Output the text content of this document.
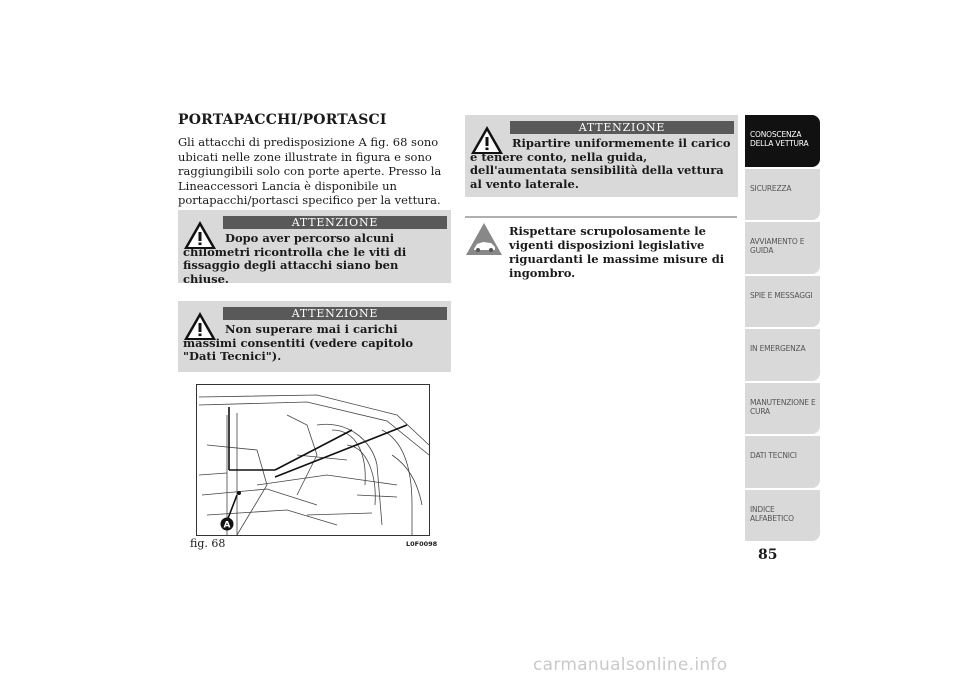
PORTAPACCHI/PORTASCI

Gli attacchi di predisposizione A fig. 68 sono ubicati nelle zone illustrate in figura e sono raggiungibili solo con porte aperte. Presso la Lineaccessori Lancia è disponibile un portapacchi/portasci specifico per la vettura.

ATTENZIONE

Dopo aver percorso alcuni chilometri ricontrolla che le viti di fissaggio degli attacchi siano ben chiuse.

ATTENZIONE

Non superare mai i carichi massimi consentiti (vedere capitolo "Dati Tecnici").

ATTENZIONE

Ripartire uniformemente il carico e tenere conto, nella guida, dell'aumentata sensibilità della vettura al vento laterale.

Rispettare scrupolosamente le vigenti disposizioni legislative riguardanti le massime misure di ingombro.

A
fig. 68	L0F0098
CONOSCENZA DELLA VETTURA
SICUREZZA
AVVIAMENTO E GUIDA
SPIE E MESSAGGI
IN EMERGENZA
MANUTENZIONE E CURA
DATI TECNICI
INDICE ALFABETICO
85
carmanualsonline.info
